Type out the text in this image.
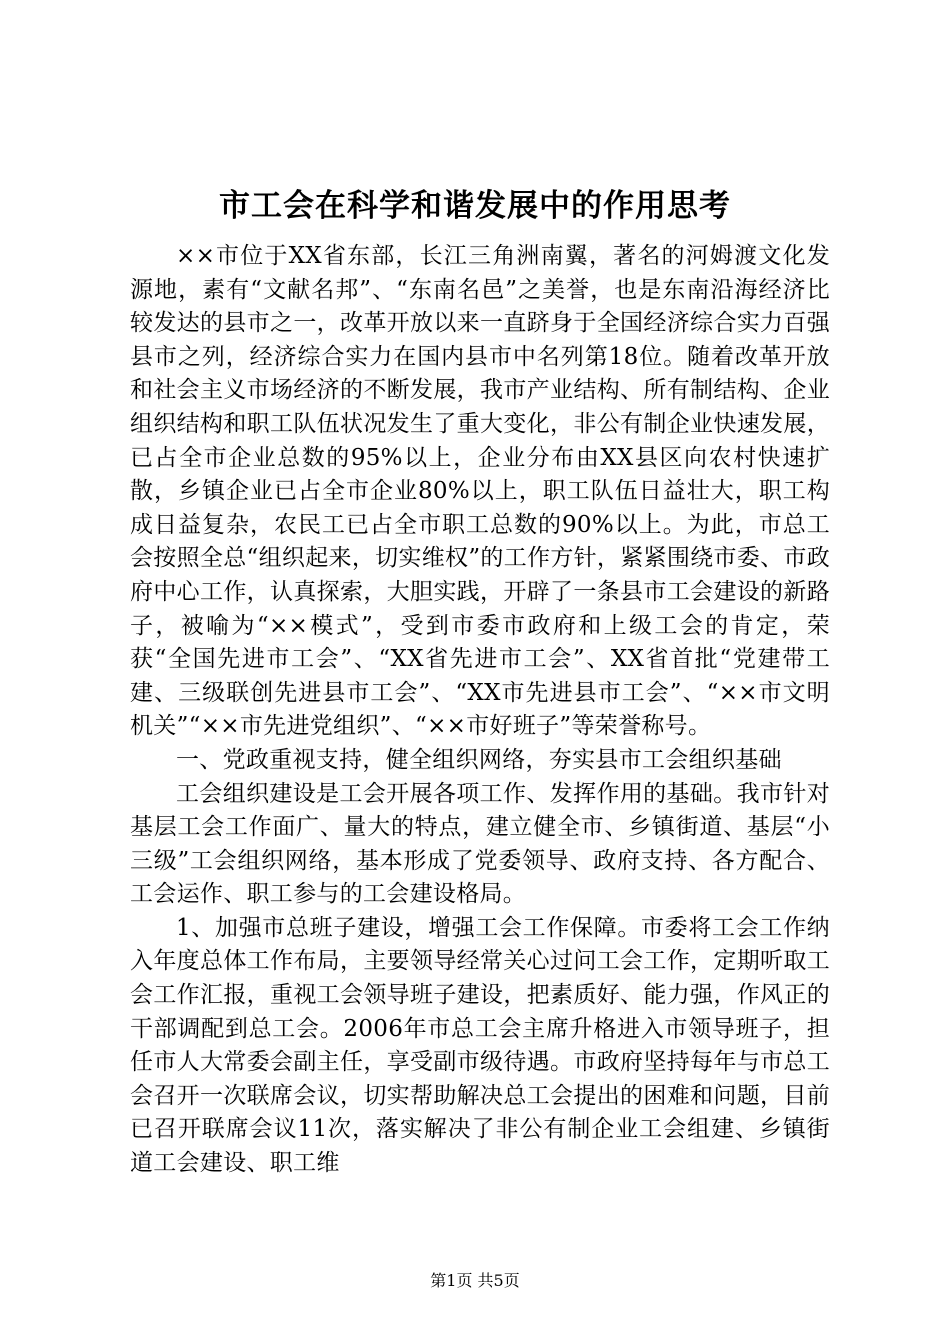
市工会在科学和谐发展中的作用思考

××市位于XX省东部，长江三角洲南翼，著名的河姆渡文化发源地，素有“文献名邦”、“东南名邑”之美誉，也是东南沿海经济比较发达的县市之一，改革开放以来一直跻身于全国经济综合实力百强县市之列，经济综合实力在国内县市中名列第18位。随着改革开放和社会主义市场经济的不断发展，我市产业结构、所有制结构、企业组织结构和职工队伍状况发生了重大变化，非公有制企业快速发展，已占全市企业总数的95%以上，企业分布由XX县区向农村快速扩散，乡镇企业已占全市企业80%以上，职工队伍日益壮大，职工构成日益复杂，农民工已占全市职工总数的90%以上。为此，市总工会按照全总“组织起来，切实维权”的工作方针，紧紧围绕市委、市政府中心工作，认真探索，大胆实践，开辟了一条县市工会建设的新路子，被喻为“××模式”，受到市委市政府和上级工会的肯定，荣获“全国先进市工会”、“XX省先进市工会”、XX省首批“党建带工建、三级联创先进县市工会”、“XX市先进县市工会”、“××市文明机关”“××市先进党组织”、“××市好班子”等荣誉称号。

一、党政重视支持，健全组织网络，夯实县市工会组织基础

工会组织建设是工会开展各项工作、发挥作用的基础。我市针对基层工会工作面广、量大的特点，建立健全市、乡镇街道、基层“小三级”工会组织网络，基本形成了党委领导、政府支持、各方配合、工会运作、职工参与的工会建设格局。

1、加强市总班子建设，增强工会工作保障。市委将工会工作纳入年度总体工作布局，主要领导经常关心过问工会工作，定期听取工会工作汇报，重视工会领导班子建设，把素质好、能力强，作风正的干部调配到总工会。2006年市总工会主席升格进入市领导班子，担任市人大常委会副主任，享受副市级待遇。市政府坚持每年与市总工会召开一次联席会议，切实帮助解决总工会提出的困难和问题，目前已召开联席会议11次，落实解决了非公有制企业工会组建、乡镇街道工会建设、职工维

第1页 共5页
